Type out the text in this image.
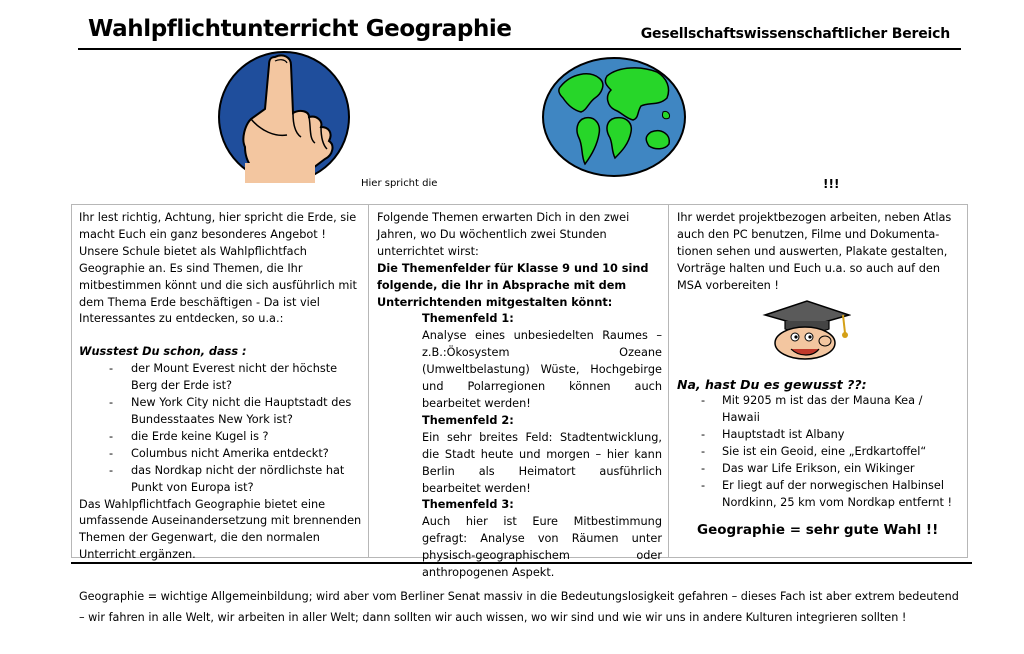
Wahlpflichtunterricht Geographie	Gesellschaftswissenschaftlicher Bereich
Hier spricht die	!!!

Ihr lest richtig, Achtung, hier spricht die Erde, sie macht Euch ein ganz besonderes Angebot ! Unsere Schule bietet als Wahlpflichtfach Geographie an. Es sind Themen, die Ihr mitbestimmen könnt und die sich ausführlich mit dem Thema Erde beschäftigen - Da ist viel Interessantes zu entdecken, so u.a.:

Wusstest Du schon, dass :

- der Mount Everest nicht der höchste Berg der Erde ist?
- New York City nicht die Hauptstadt des Bundesstaates New York ist?
- die Erde keine Kugel is ?
- Columbus nicht Amerika entdeckt?
- das Nordkap nicht der nördlichste hat Punkt von Europa ist?

Das Wahlpflichtfach Geographie bietet eine umfassende Auseinandersetzung mit brennenden Themen der Gegenwart, die den normalen Unterricht ergänzen.

Folgende Themen erwarten Dich in den zwei Jahren, wo Du wöchentlich zwei Stunden unterrichtet wirst:

Die Themenfelder für Klasse 9 und 10 sind folgende, die Ihr in Absprache mit dem Unterrichtenden mitgestalten könnt:

Themenfeld 1:

Analyse eines unbesiedelten Raumes – z.B.:Ökosystem Ozeane (Umweltbelastung) Wüste, Hochgebirge und Polarregionen können auch bearbeitet werden!

Themenfeld 2:

Ein sehr breites Feld: Stadtentwicklung, die Stadt heute und morgen – hier kann Berlin als Heimatort ausführlich bearbeitet werden!

Themenfeld 3:

Auch hier ist Eure Mitbestimmung gefragt: Analyse von Räumen unter physisch-geographischem oder anthropogenen Aspekt.

Ihr werdet projektbezogen arbeiten, neben Atlas auch den PC benutzen, Filme und Dokumenta-tionen sehen und auswerten, Plakate gestalten, Vorträge halten und Euch u.a. so auch auf den MSA vorbereiten !

Na, hast Du es gewusst ??:

- Mit 9205 m ist das der Mauna Kea / Hawaii
- Hauptstadt ist Albany
- Sie ist ein Geoid, eine „Erdkartoffel“
- Das war Life Erikson, ein Wikinger
- Er liegt auf der norwegischen Halbinsel Nordkinn, 25 km vom Nordkap entfernt !

Geographie = sehr gute Wahl !!

Geographie = wichtige Allgemeinbildung; wird aber vom Berliner Senat massiv in die Bedeutungslosigkeit gefahren – dieses Fach ist aber extrem bedeutend – wir fahren in alle Welt, wir arbeiten in aller Welt; dann sollten wir auch wissen, wo wir sind und wie wir uns in andere Kulturen integrieren sollten !
